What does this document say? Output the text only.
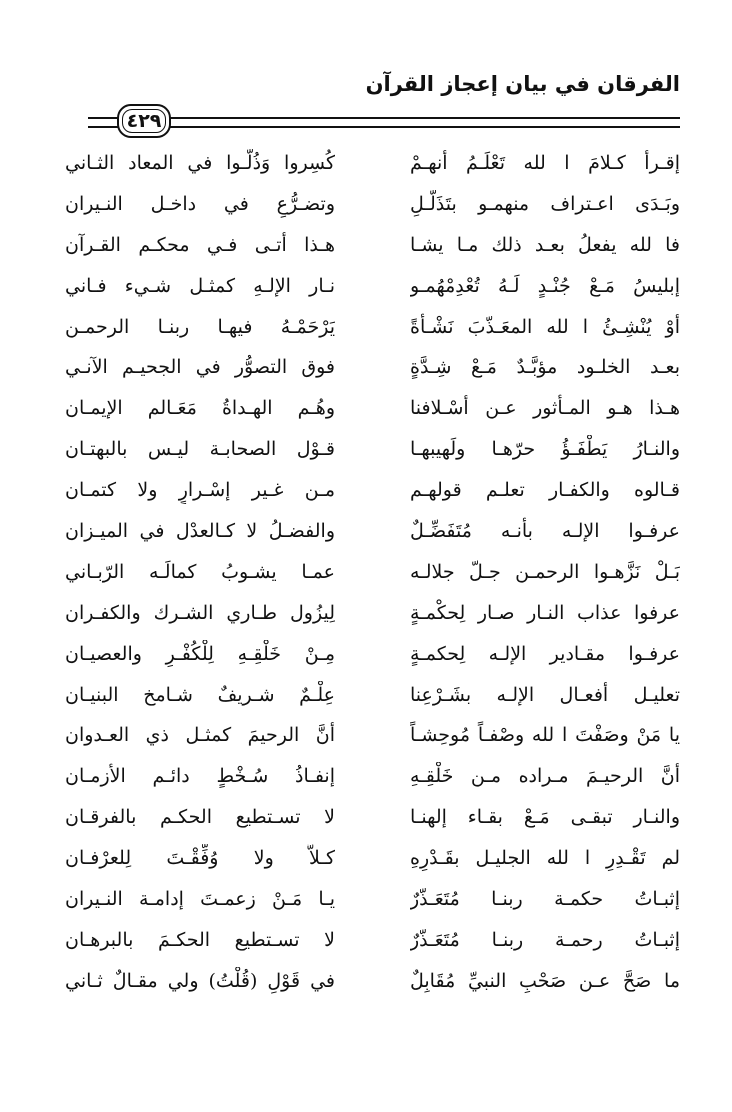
الفرقان في بيان إعجاز القرآن
٤٢٩
إقـرأ كـلامَ ا لله تَعْلَـمُ أنهـمْ
كُسِروا وَذُلُّـوا في المعاد الثـاني
وبَـدَى اعـتراف منهمـو بتَذَلُّـلِ
وتضـرُّعٍ في داخـل النـيران
فا لله يفعلُ بعـد ذلك مـا يشـا
هـذا أتـى فـي محكـم القـرآن
إبليسُ مَـعْ جُنْـدٍ لَـهُ تُعْدِمْهُمـو
نـار الإلـهِ كمثـل شـيء فـاني
أوْ يُنْشِـئُ ا لله المعَـذّبَ نَشْـأةً
يَرْحَمْـهُ فيهـا ربنـا الرحمـن
بعـد الخلـود مؤبَّـدٌ مَـعْ شِـدَّةٍ
فوق التصوُّر في الجحيـم الآنـي
هـذا هـو المـأثور عـن أسْـلافنا
وهُـم الهـداةُ مَعَـالم الإيمـان
والنـارُ يَطْفَـؤُ حرّهـا ولَهيبهـا
قـوْل الصحابـة ليـس بالبهتـان
قـالوه والكفـار تعلـم قولهـم
مـن غـير إسْـرارٍ ولا كتمـان
عرفـوا الإلـه بأنـه مُتَفَضِّـلٌ
والفضـلُ لا كـالعدْل في الميـزان
بَـلْ نَزَّهـوا الرحمـن جـلّ جلالـه
عمـا يشـوبُ كمالَـه الرّبـاني
عرفوا عذاب النـار صـار لِحكْمـةٍ
لِيزُول طـاري الشـرك والكفـران
عرفـوا مقـادير الإلـه لِحكمـةٍ
مِـنْ خَلْقِـهِ لِلْكُفْـرِ والعصيـان
تعليـل أفعـال الإلـه بشَـرْعِنا
عِلْـمٌ شـريفٌ شـامخ البنيـان
يا مَنْ وصَفْتَ ا لله وصْفـاً مُوحِشـاً
أنَّ الرحيمَ كمثـل ذي العـدوان
أنَّ الرحيـمَ مـراده مـن خَلْقِـهِ
إنفـاذُ سُـخْطٍ دائـم الأزمـان
والنـار تبقـى مَـعْ بقـاء إلهنـا
لا تسـتطيع الحكـم بالفرقـان
لم تَقْـدِرِ ا لله الجليـل بقَـدْرِهِ
كـلاَّ ولا وُفِّقْـتَ لِلعرْفـان
إثبـاتُ حكمـة ربنـا مُتَعَـذّرٌ
يـا مَـنْ زعمـتَ إدامـة النـيران
إثبـاتُ رحمـة ربنـا مُتَعَـذّرٌ
لا تسـتطيع الحكـمَ بالبرهـان
ما صَحَّ عـن صَحْبِ النبيِّ مُقَابِلٌ
في قَوْلِ (قُلْتُ) ولي مقـالٌ ثـاني
